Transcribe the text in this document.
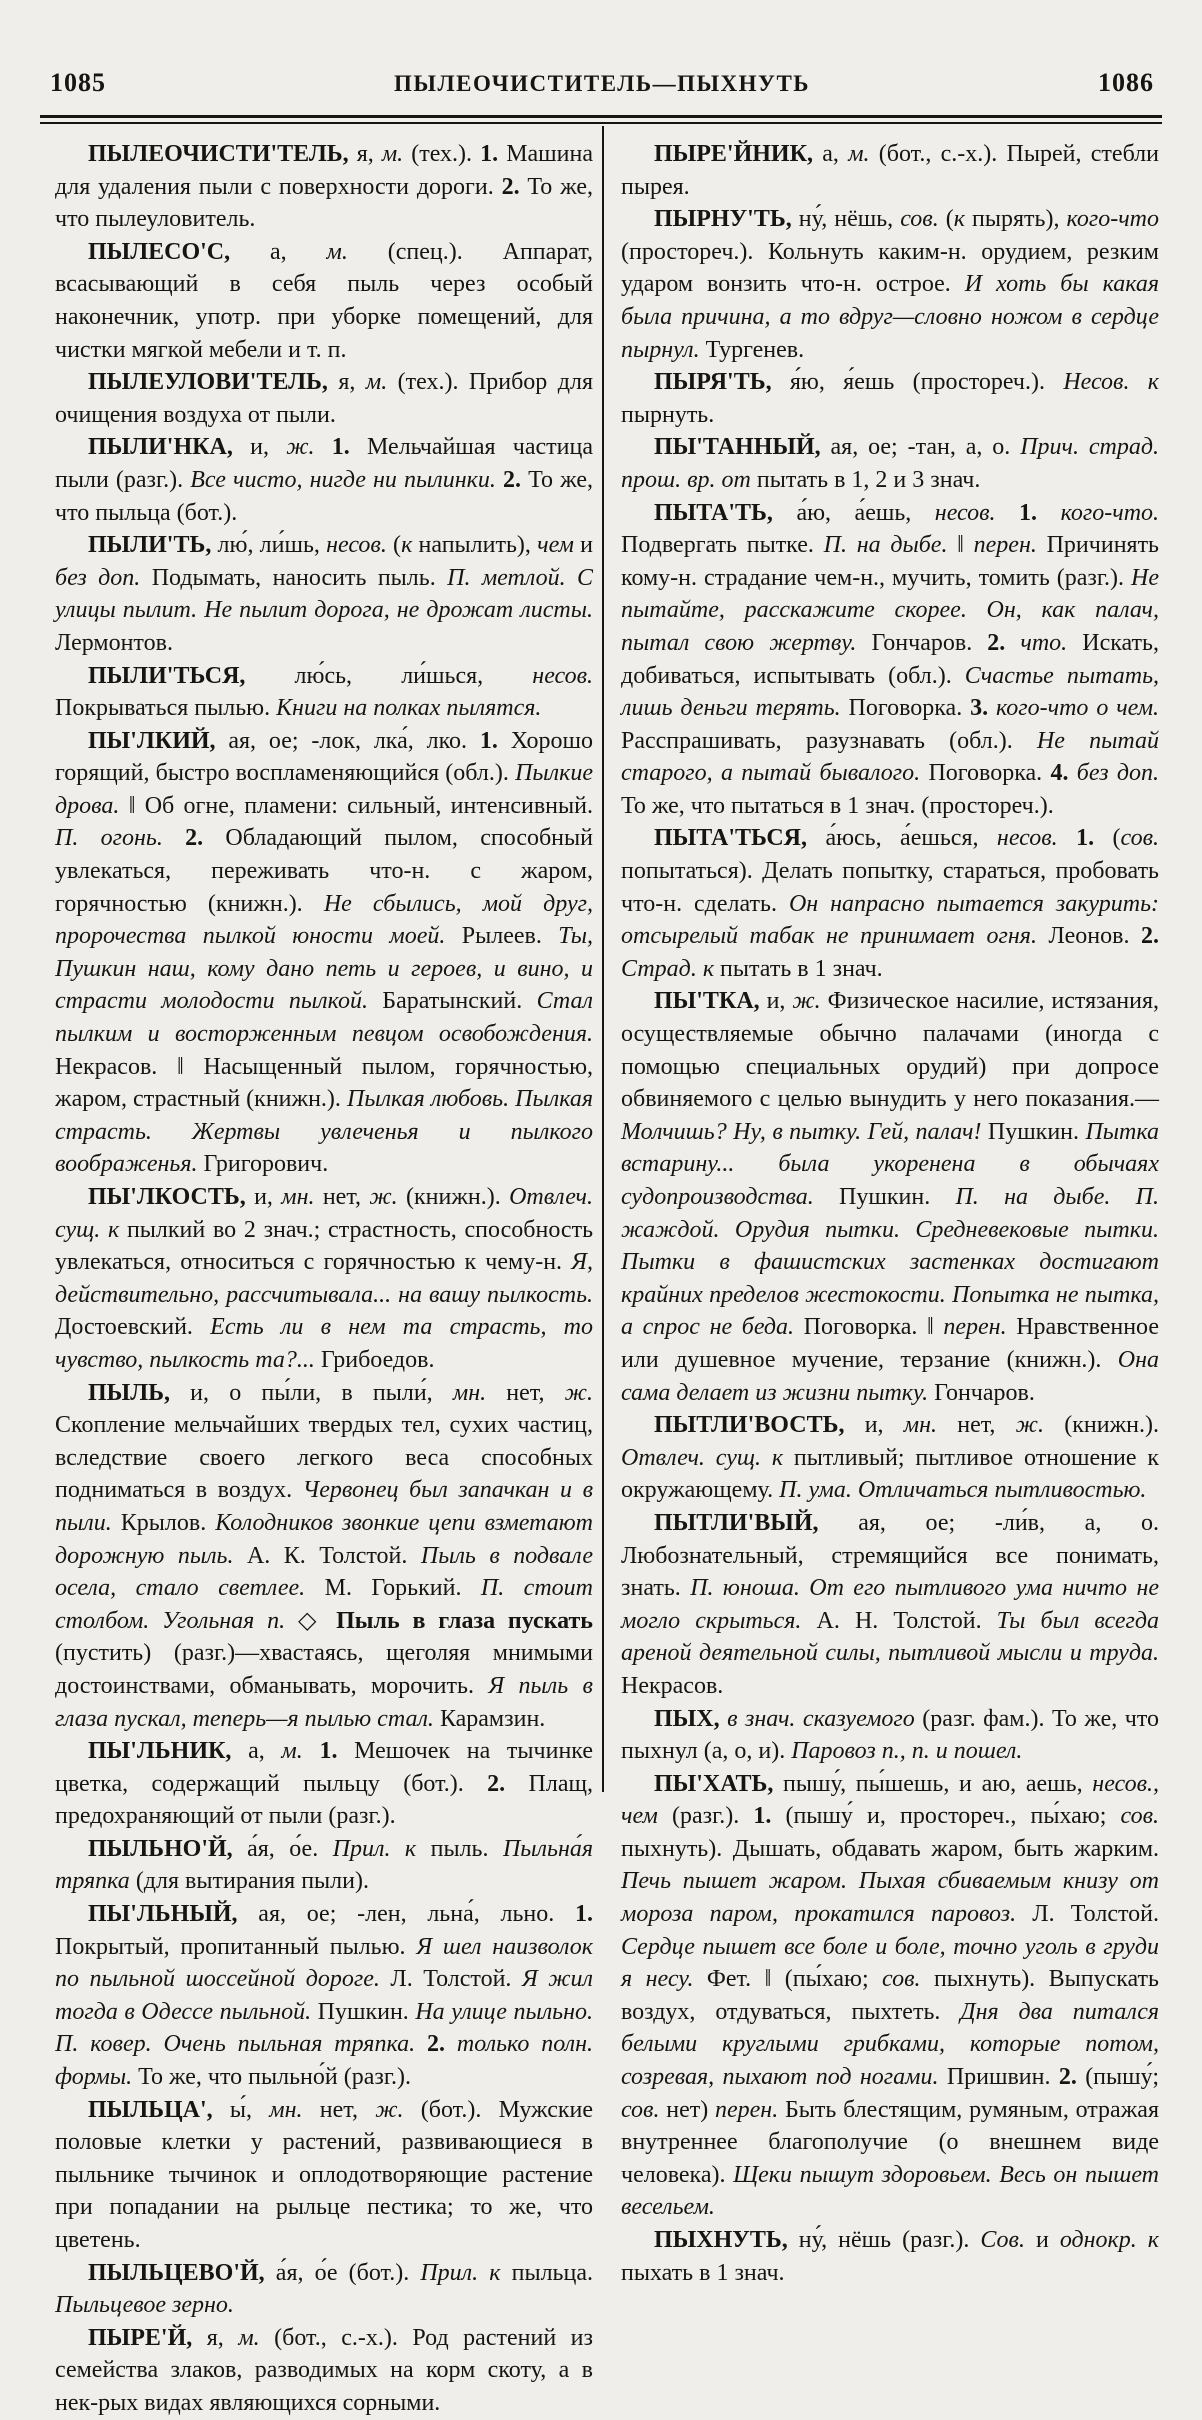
1085	ПЫЛЕОЧИСТИТЕЛЬ—ПЫХНУТЬ	1086

ПЫЛЕОЧИСТИ'ТЕЛЬ, я, м. (тех.). 1. Машина для удаления пыли с поверхности дороги. 2. То же, что пылеуловитель.

ПЫЛЕСО'С, а, м. (спец.). Аппарат, всасывающий в себя пыль через особый наконечник, употр. при уборке помещений, для чистки мягкой мебели и т. п.

ПЫЛЕУЛОВИ'ТЕЛЬ, я, м. (тех.). Прибор для очищения воздуха от пыли.

ПЫЛИ'НКА, и, ж. 1. Мельчайшая частица пыли (разг.). Все чисто, нигде ни пылинки. 2. То же, что пыльца (бот.).

ПЫЛИ'ТЬ, лю́, ли́шь, несов. (к напылить), чем и без доп. Подымать, наносить пыль. П. метлой. С улицы пылит. Не пылит дорога, не дрожат листы. Лермонтов.

ПЫЛИ'ТЬСЯ, лю́сь, ли́шься, несов. Покрываться пылью. Книги на полках пылятся.

ПЫ'ЛКИЙ, ая, ое; -лок, лка́, лко. 1. Хорошо горящий, быстро воспламеняющийся (обл.). Пылкие дрова. ‖ Об огне, пламени: сильный, интенсивный. П. огонь. 2. Обладающий пылом, способный увлекаться, переживать что-н. с жаром, горячностью (книжн.). Не сбылись, мой друг, пророчества пылкой юности моей. Рылеев. Ты, Пушкин наш, кому дано петь и героев, и вино, и страсти молодости пылкой. Баратынский. Стал пылким и восторженным певцом освобождения. Некрасов. ‖ Насыщенный пылом, горячностью, жаром, страстный (книжн.). Пылкая любовь. Пылкая страсть. Жертвы увлеченья и пылкого воображенья. Григорович.

ПЫ'ЛКОСТЬ, и, мн. нет, ж. (книжн.). Отвлеч. сущ. к пылкий во 2 знач.; страстность, способность увлекаться, относиться с горячностью к чему-н. Я, действительно, рассчитывала... на вашу пылкость. Достоевский. Есть ли в нем та страсть, то чувство, пылкость та?... Грибоедов.

ПЫЛЬ, и, о пы́ли, в пыли́, мн. нет, ж. Скопление мельчайших твердых тел, сухих частиц, вследствие своего легкого веса способных подниматься в воздух. Червонец был запачкан и в пыли. Крылов. Колодников звонкие цепи взметают дорожную пыль. А. К. Толстой. Пыль в подвале осела, стало светлее. М. Горький. П. стоит столбом. Угольная п. ◇ Пыль в глаза пускать (пустить) (разг.)—хвастаясь, щеголяя мнимыми достоинствами, обманывать, морочить. Я пыль в глаза пускал, теперь—я пылью стал. Карамзин.

ПЫ'ЛЬНИК, а, м. 1. Мешочек на тычинке цветка, содержащий пыльцу (бот.). 2. Плащ, предохраняющий от пыли (разг.).

ПЫЛЬНО'Й, а́я, о́е. Прил. к пыль. Пыльна́я тряпка (для вытирания пыли).

ПЫ'ЛЬНЫЙ, ая, ое; -лен, льна́, льно. 1. Покрытый, пропитанный пылью. Я шел наизволок по пыльной шоссейной дороге. Л. Толстой. Я жил тогда в Одессе пыльной. Пушкин. На улице пыльно. П. ковер. Очень пыльная тряпка. 2. только полн. формы. То же, что пыльно́й (разг.).

ПЫЛЬЦА', ы́, мн. нет, ж. (бот.). Мужские половые клетки у растений, развивающиеся в пыльнике тычинок и оплодотворяющие растение при попадании на рыльце пестика; то же, что цветень.

ПЫЛЬЦЕВО'Й, а́я, о́е (бот.). Прил. к пыльца. Пыльцевое зерно.

ПЫРЕ'Й, я, м. (бот., с.-х.). Род растений из семейства злаков, разводимых на корм скоту, а в нек-рых видах являющихся сорными.

ПЫРЕ'ЙНИК, а, м. (бот., с.-х.). Пырей, стебли пырея.

ПЫРНУ'ТЬ, ну́, нёшь, сов. (к пырять), кого-что (простореч.). Кольнуть каким-н. орудием, резким ударом вонзить что-н. острое. И хоть бы какая была причина, а то вдруг—словно ножом в сердце пырнул. Тургенев.

ПЫРЯ'ТЬ, я́ю, я́ешь (простореч.). Несов. к пырнуть.

ПЫ'ТАННЫЙ, ая, ое; -тан, а, о. Прич. страд. прош. вр. от пытать в 1, 2 и 3 знач.

ПЫТА'ТЬ, а́ю, а́ешь, несов. 1. кого-что. Подвергать пытке. П. на дыбе. ‖ перен. Причинять кому-н. страдание чем-н., мучить, томить (разг.). Не пытайте, расскажите скорее. Он, как палач, пытал свою жертву. Гончаров. 2. что. Искать, добиваться, испытывать (обл.). Счастье пытать, лишь деньги терять. Поговорка. 3. кого-что о чем. Расспрашивать, разузнавать (обл.). Не пытай старого, а пытай бывалого. Поговорка. 4. без доп. То же, что пытаться в 1 знач. (простореч.).

ПЫТА'ТЬСЯ, а́юсь, а́ешься, несов. 1. (сов. попытаться). Делать попытку, стараться, пробовать что-н. сделать. Он напрасно пытается закурить: отсырелый табак не принимает огня. Леонов. 2. Страд. к пытать в 1 знач.

ПЫ'ТКА, и, ж. Физическое насилие, истязания, осуществляемые обычно палачами (иногда с помощью специальных орудий) при допросе обвиняемого с целью вынудить у него показания.—Молчишь? Ну, в пытку. Гей, палач! Пушкин. Пытка встарину... была укоренена в обычаях судопроизводства. Пушкин. П. на дыбе. П. жаждой. Орудия пытки. Средневековые пытки. Пытки в фашистских застенках достигают крайних пределов жестокости. Попытка не пытка, а спрос не беда. Поговорка. ‖ перен. Нравственное или душевное мучение, терзание (книжн.). Она сама делает из жизни пытку. Гончаров.

ПЫТЛИ'ВОСТЬ, и, мн. нет, ж. (книжн.). Отвлеч. сущ. к пытливый; пытливое отношение к окружающему. П. ума. Отличаться пытливостью.

ПЫТЛИ'ВЫЙ, ая, ое; -ли́в, а, о. Любознательный, стремящийся все понимать, знать. П. юноша. От его пытливого ума ничто не могло скрыться. А. Н. Толстой. Ты был всегда ареной деятельной силы, пытливой мысли и труда. Некрасов.

ПЫХ, в знач. сказуемого (разг. фам.). То же, что пыхнул (а, о, и). Паровоз п., п. и пошел.

ПЫ'ХАТЬ, пышу́, пы́шешь, и аю, аешь, несов., чем (разг.). 1. (пышу́ и, простореч., пы́хаю; сов. пыхнуть). Дышать, обдавать жаром, быть жарким. Печь пышет жаром. Пыхая сбиваемым книзу от мороза паром, прокатился паровоз. Л. Толстой. Сердце пышет все боле и боле, точно уголь в груди я несу. Фет. ‖ (пы́хаю; сов. пыхнуть). Выпускать воздух, отдуваться, пыхтеть. Дня два питался белыми круглыми грибками, которые потом, созревая, пыхают под ногами. Пришвин. 2. (пышу́; сов. нет) перен. Быть блестящим, румяным, отражая внутреннее благополучие (о внешнем виде человека). Щеки пышут здоровьем. Весь он пышет весельем.

ПЫХНУТЬ, ну́, нёшь (разг.). Сов. и однокр. к пыхать в 1 знач.
